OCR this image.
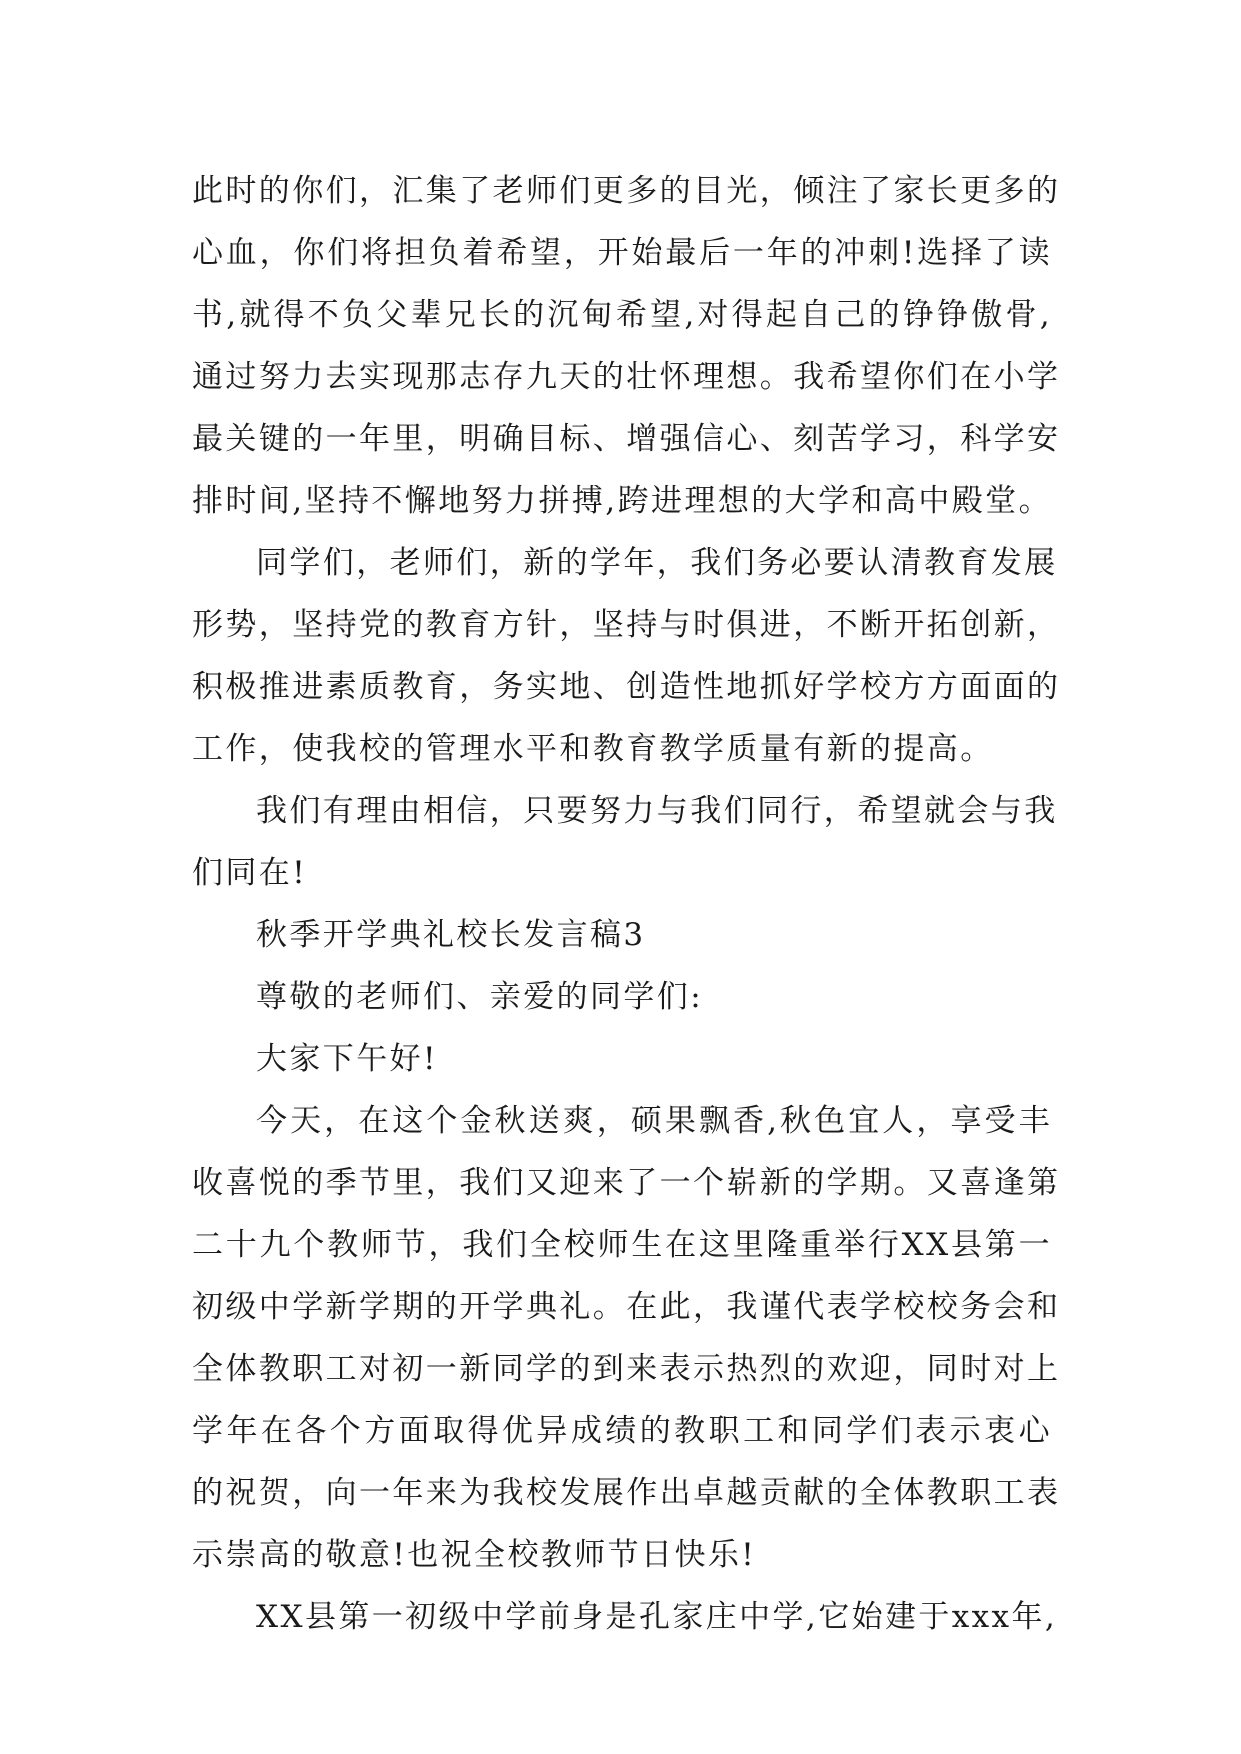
此时的你们，汇集了老师们更多的目光，倾注了家长更多的
心血，你们将担负着希望，开始最后一年的冲刺!选择了读
书,就得不负父辈兄长的沉甸希望,对得起自己的铮铮傲骨,
通过努力去实现那志存九天的壮怀理想。我希望你们在小学
最关键的一年里，明确目标、增强信心、刻苦学习，科学安
排时间,坚持不懈地努力拼搏,跨进理想的大学和高中殿堂。
同学们，老师们，新的学年，我们务必要认清教育发展
形势，坚持党的教育方针，坚持与时俱进，不断开拓创新，
积极推进素质教育，务实地、创造性地抓好学校方方面面的
工作，使我校的管理水平和教育教学质量有新的提高。
我们有理由相信，只要努力与我们同行，希望就会与我
们同在!
秋季开学典礼校长发言稿3
尊敬的老师们、亲爱的同学们:
大家下午好!
今天，在这个金秋送爽，硕果飘香,秋色宜人，享受丰
收喜悦的季节里，我们又迎来了一个崭新的学期。又喜逢第
二十九个教师节，我们全校师生在这里隆重举行XX县第一
初级中学新学期的开学典礼。在此，我谨代表学校校务会和
全体教职工对初一新同学的到来表示热烈的欢迎，同时对上
学年在各个方面取得优异成绩的教职工和同学们表示衷心
的祝贺，向一年来为我校发展作出卓越贡献的全体教职工表
示崇高的敬意!也祝全校教师节日快乐!
XX县第一初级中学前身是孔家庄中学,它始建于xxx年,
